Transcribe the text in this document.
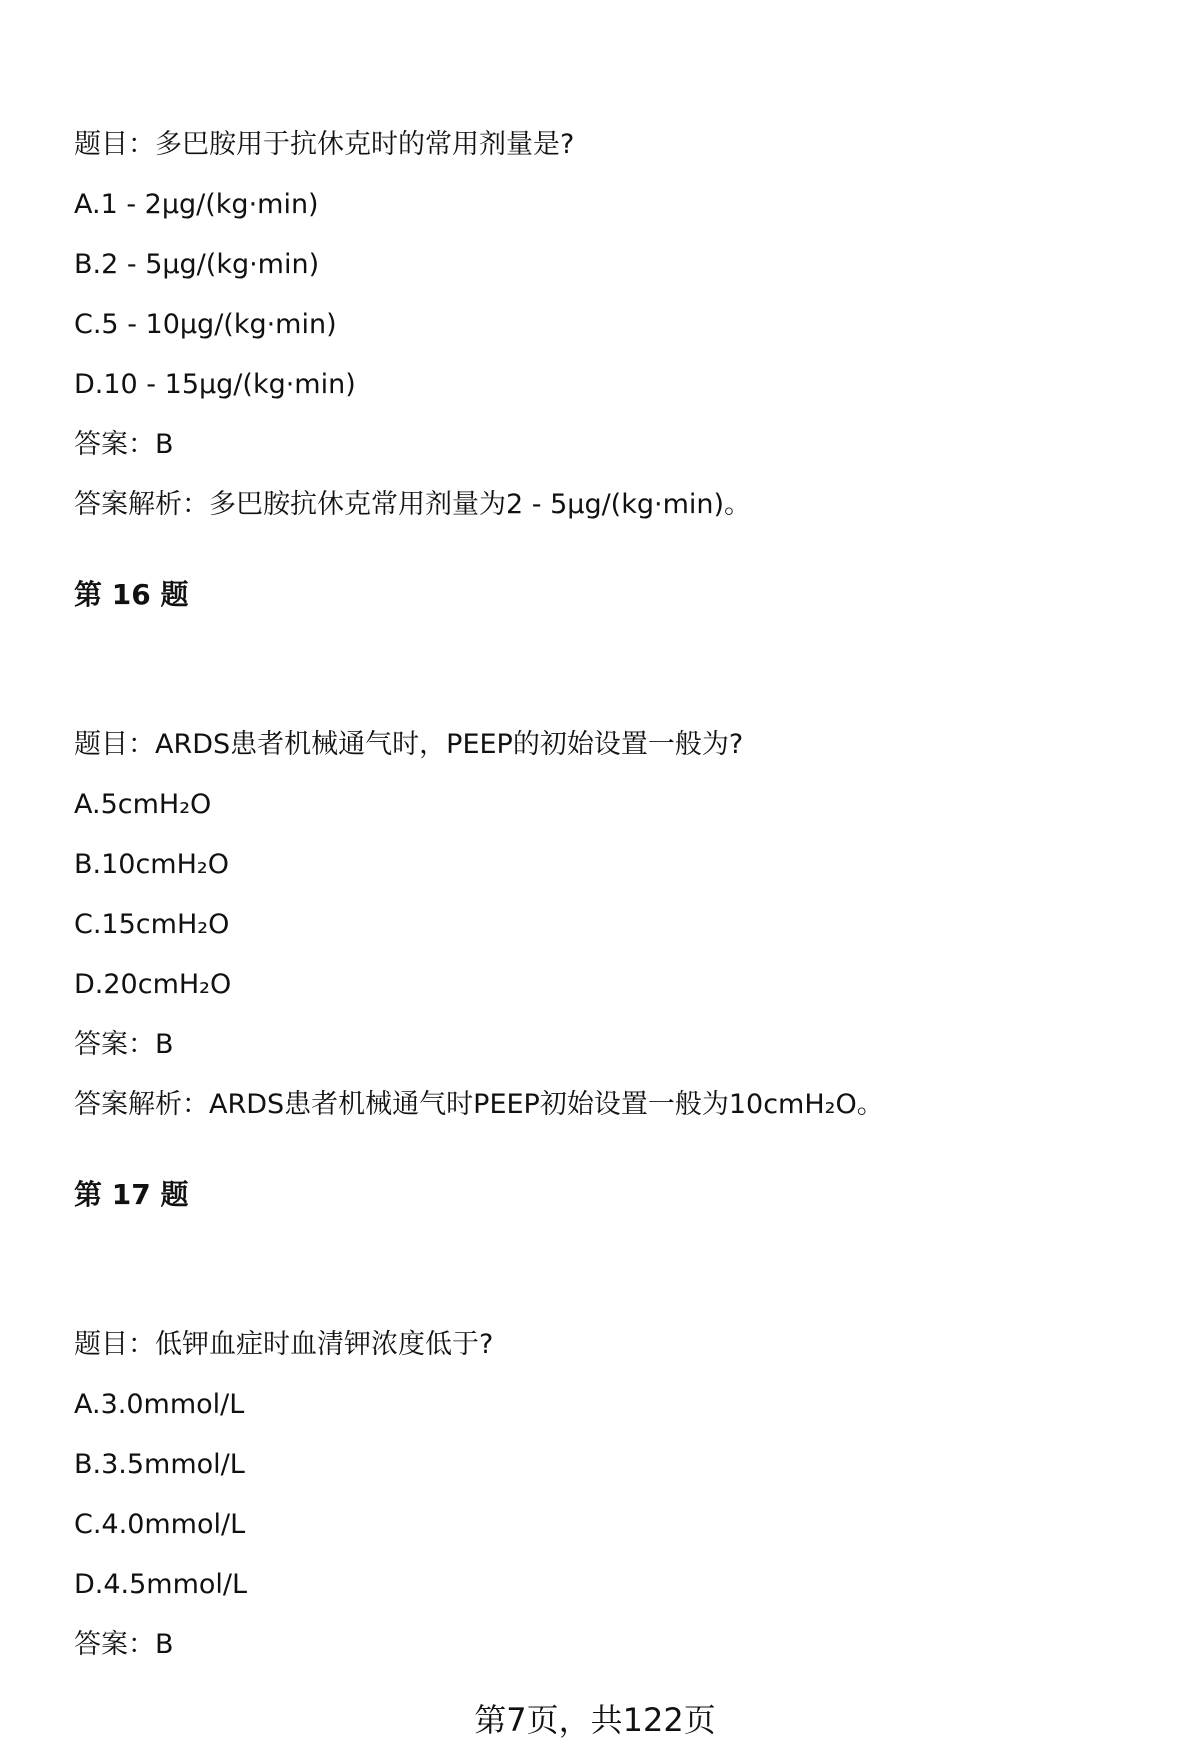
题目：多巴胺用于抗休克时的常用剂量是?

A.1 - 2μg/(kg·min)

B.2 - 5μg/(kg·min)

C.5 - 10μg/(kg·min)

D.10 - 15μg/(kg·min)

答案：B

答案解析：多巴胺抗休克常用剂量为2 - 5μg/(kg·min)。

第 16 题

题目：ARDS患者机械通气时，PEEP的初始设置一般为?

A.5cmH₂O

B.10cmH₂O

C.15cmH₂O

D.20cmH₂O

答案：B

答案解析：ARDS患者机械通气时PEEP初始设置一般为10cmH₂O。

第 17 题

题目：低钾血症时血清钾浓度低于?

A.3.0mmol/L

B.3.5mmol/L

C.4.0mmol/L

D.4.5mmol/L

答案：B

第7页，共122页
